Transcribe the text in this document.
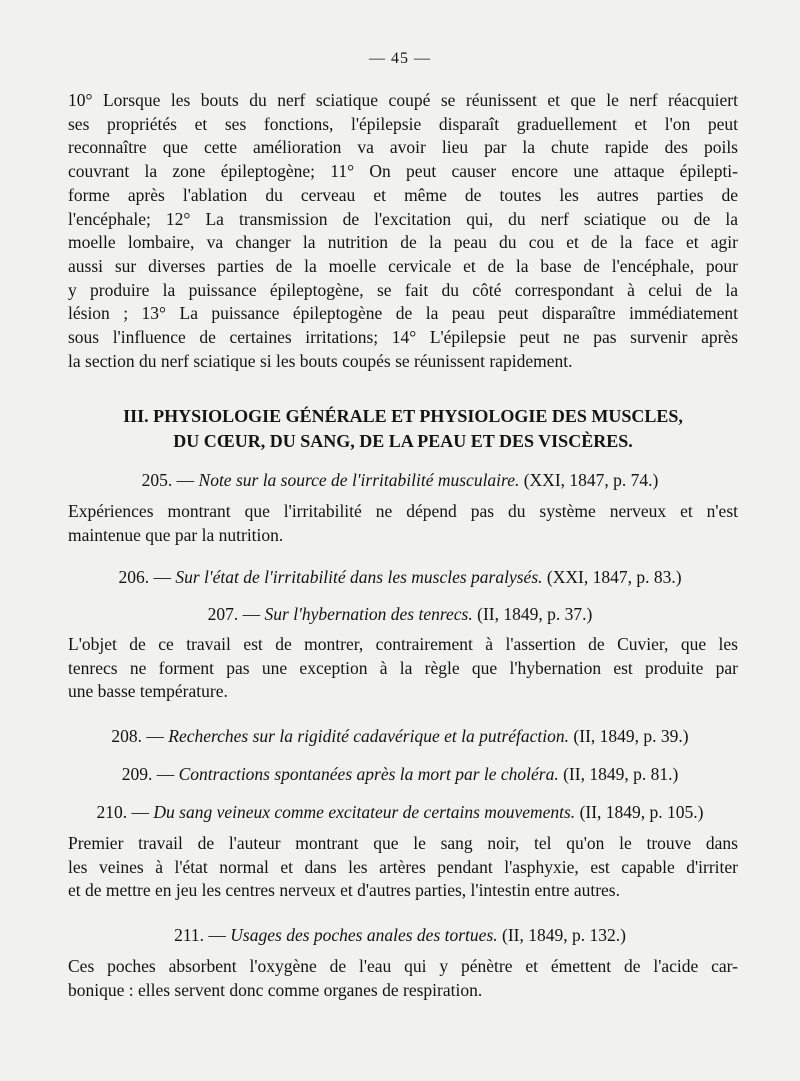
— 45 —

10° Lorsque les bouts du nerf sciatique coupé se réunissent et que le nerf réacquiert

ses propriétés et ses fonctions, l'épilepsie disparaît graduellement et l'on peut

reconnaître que cette amélioration va avoir lieu par la chute rapide des poils

couvrant la zone épileptogène; 11° On peut causer encore une attaque épilepti-

forme après l'ablation du cerveau et même de toutes les autres parties de

l'encéphale; 12° La transmission de l'excitation qui, du nerf sciatique ou de la

moelle lombaire, va changer la nutrition de la peau du cou et de la face et agir

aussi sur diverses parties de la moelle cervicale et de la base de l'encéphale, pour

y produire la puissance épileptogène, se fait du côté correspondant à celui de la

lésion ; 13° La puissance épileptogène de la peau peut disparaître immédiatement

sous l'influence de certaines irritations; 14° L'épilepsie peut ne pas survenir après

la section du nerf sciatique si les bouts coupés se réunissent rapidement.

III. PHYSIOLOGIE GÉNÉRALE ET PHYSIOLOGIE DES MUSCLES,
DU CŒUR, DU SANG, DE LA PEAU ET DES VISCÈRES.
205. — Note sur la source de l'irritabilité musculaire. (XXI, 1847, p. 74.)

Expériences montrant que l'irritabilité ne dépend pas du système nerveux et n'est

maintenue que par la nutrition.

206. — Sur l'état de l'irritabilité dans les muscles paralysés. (XXI, 1847, p. 83.)
207. — Sur l'hybernation des tenrecs. (II, 1849, p. 37.)

L'objet de ce travail est de montrer, contrairement à l'assertion de Cuvier, que les

tenrecs ne forment pas une exception à la règle que l'hybernation est produite par

une basse température.

208. — Recherches sur la rigidité cadavérique et la putréfaction. (II, 1849, p. 39.)
209. — Contractions spontanées après la mort par le choléra. (II, 1849, p. 81.)
210. — Du sang veineux comme excitateur de certains mouvements. (II, 1849, p. 105.)

Premier travail de l'auteur montrant que le sang noir, tel qu'on le trouve dans

les veines à l'état normal et dans les artères pendant l'asphyxie, est capable d'irriter

et de mettre en jeu les centres nerveux et d'autres parties, l'intestin entre autres.

211. — Usages des poches anales des tortues. (II, 1849, p. 132.)

Ces poches absorbent l'oxygène de l'eau qui y pénètre et émettent de l'acide car-

bonique : elles servent donc comme organes de respiration.
